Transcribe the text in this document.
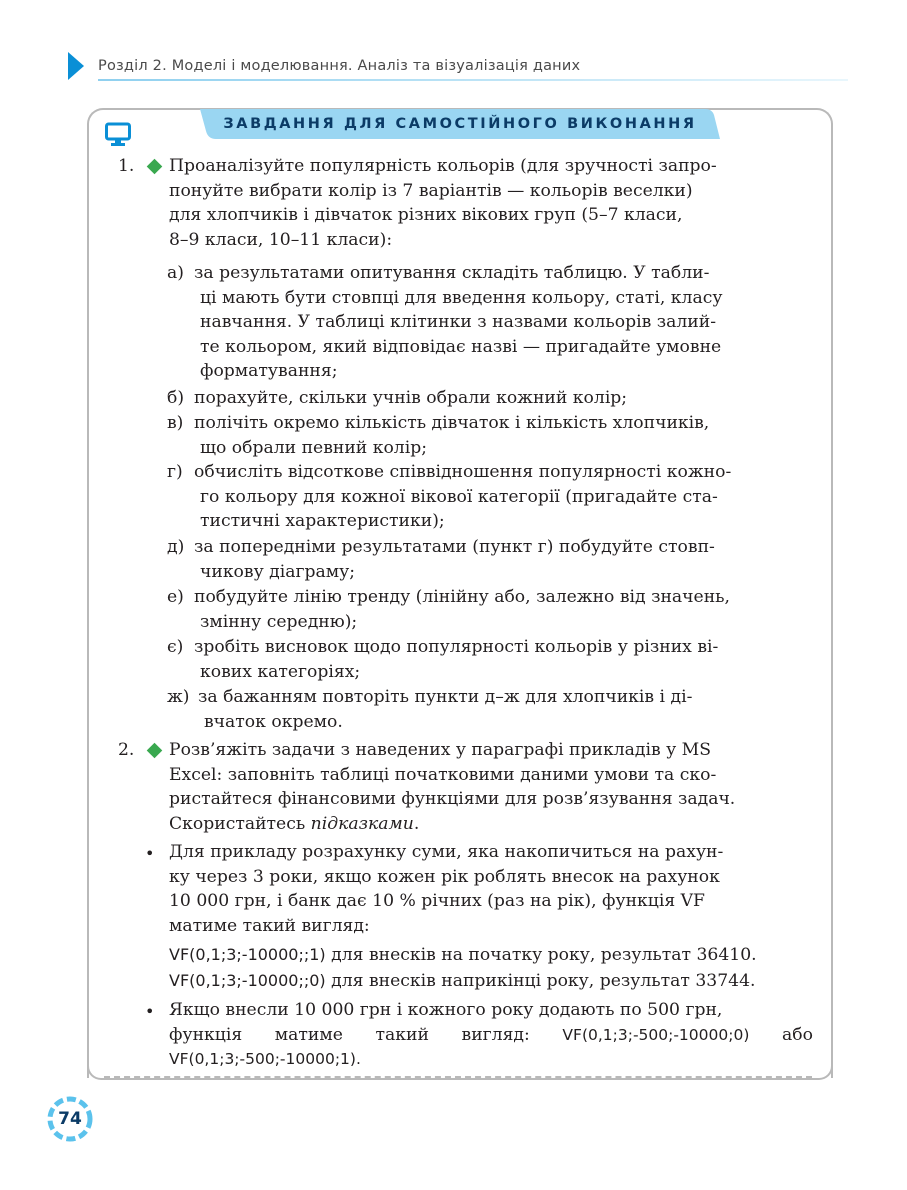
Розділ 2. Моделі і моделювання. Аналіз та візуалізація даних
ЗАВДАННЯ ДЛЯ САМОСТІЙНОГО ВИКОНАННЯ
1.	Проаналізуйте популярність кольорів (для зручності запро-
понуйте вибрати колір із 7 варіантів — кольорів веселки)
для хлопчиків і дівчаток різних вікових груп (5–7 класи,
8–9 класи, 10–11 класи):
а) за результатами опитування складіть таблицю. У табли-
ці мають бути стовпці для введення кольору, статі, класу
навчання. У таблиці клітинки з назвами кольорів залий-
те кольором, який відповідає назві — пригадайте умовне
форматування;
б) порахуйте, скільки учнів обрали кожний колір;
в) полічіть окремо кількість дівчаток і кількість хлопчиків,
що обрали певний колір;
г) обчисліть відсоткове співвідношення популярності кожно-
го кольору для кожної вікової категорії (пригадайте ста-
тистичні характеристики);
д) за попередніми результатами (пункт г) побудуйте стовп-
чикову діаграму;
е) побудуйте лінію тренду (лінійну або, залежно від значень,
змінну середню);
є) зробіть висновок щодо популярності кольорів у різних ві-
кових категоріях;
ж) за бажанням повторіть пункти д–ж для хлопчиків і ді-
вчаток окремо.
2.	Розв’яжіть задачи з наведених у параграфі прикладів у MS
Excel: заповніть таблиці початковими даними умови та ско-
ристайтеся фінансовими функціями для розв’язування задач.
Скористайтесь підказками.
• Для прикладу розрахунку суми, яка накопичиться на рахун-
ку через 3 роки, якщо кожен рік роблять внесок на рахунок
10 000 грн, і банк дає 10 % річних (раз на рік), функція VF
матиме такий вигляд:
VF(0,1;3;-10000;;1) для внесків на початку року, результат 36410.
VF(0,1;3;-10000;;0) для внесків наприкінці року, результат 33744.
• Якщо внесли 10 000 грн і кожного року додають по 500 грн,
функція матиме такий вигляд: VF(0,1;3;-500;-10000;0) або
VF(0,1;3;-500;-10000;1).
74
